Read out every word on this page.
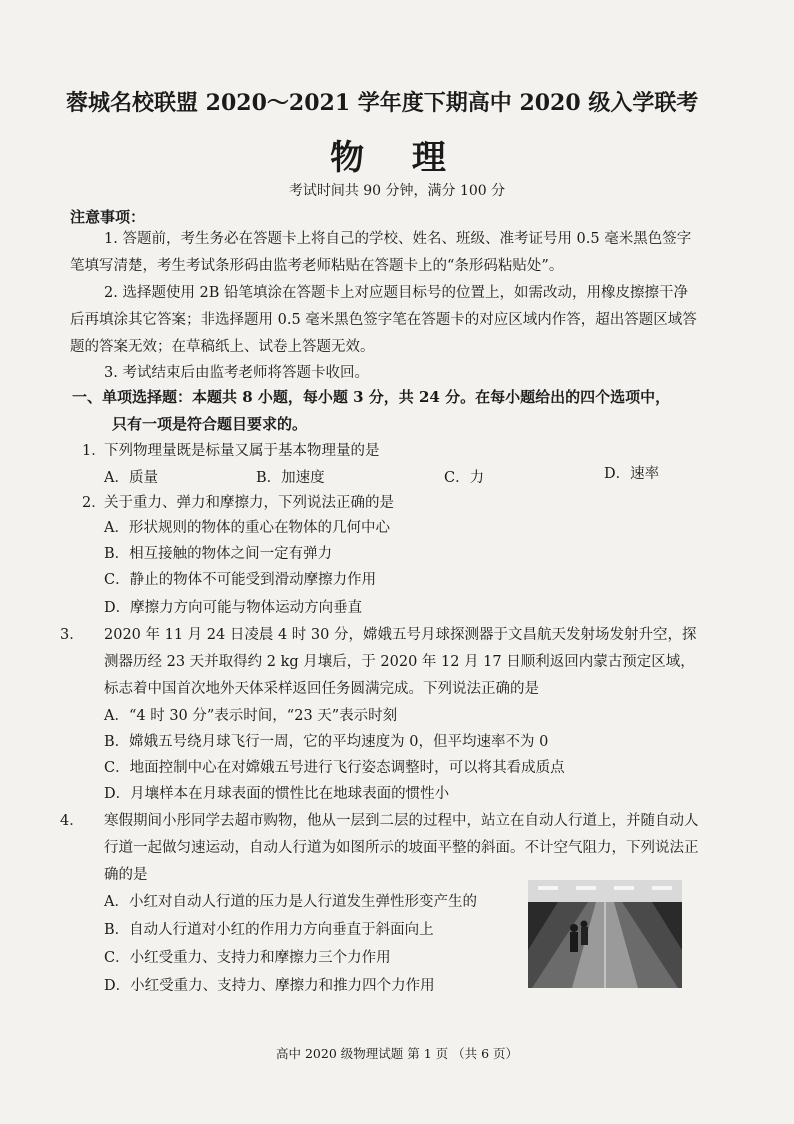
蓉城名校联盟 2020～2021 学年度下期高中 2020 级入学联考
物 理
考试时间共 90 分钟，满分 100 分
注意事项：
1. 答题前，考生务必在答题卡上将自己的学校、姓名、班级、准考证号用 0.5 毫米黑色签字笔填写清楚，考生考试条形码由监考老师粘贴在答题卡上的“条形码粘贴处”。
2. 选择题使用 2B 铅笔填涂在答题卡上对应题目标号的位置上，如需改动，用橡皮擦擦干净后再填涂其它答案；非选择题用 0.5 毫米黑色签字笔在答题卡的对应区域内作答，超出答题区域答题的答案无效；在草稿纸上、试卷上答题无效。
3. 考试结束后由监考老师将答题卡收回。
一、单项选择题：本题共 8 小题，每小题 3 分，共 24 分。在每小题给出的四个选项中，
只有一项是符合题目要求的。
1．下列物理量既是标量又属于基本物理量的是
A．质量	B．加速度	C．力	D．速率
2．关于重力、弹力和摩擦力，下列说法正确的是
A．形状规则的物体的重心在物体的几何中心
B．相互接触的物体之间一定有弹力
C．静止的物体不可能受到滑动摩擦力作用
D．摩擦力方向可能与物体运动方向垂直
3． 2020 年 11 月 24 日凌晨 4 时 30 分，嫦娥五号月球探测器于文昌航天发射场发射升空，探测器历经 23 天并取得约 2 kg 月壤后，于 2020 年 12 月 17 日顺利返回内蒙古预定区域，标志着中国首次地外天体采样返回任务圆满完成。下列说法正确的是
A．“4 时 30 分”表示时间，“23 天”表示时刻
B．嫦娥五号绕月球飞行一周，它的平均速度为 0，但平均速率不为 0
C．地面控制中心在对嫦娥五号进行飞行姿态调整时，可以将其看成质点
D．月壤样本在月球表面的惯性比在地球表面的惯性小
4． 寒假期间小彤同学去超市购物，他从一层到二层的过程中，站立在自动人行道上，并随自动人行道一起做匀速运动，自动人行道为如图所示的坡面平整的斜面。不计空气阻力，下列说法正确的是
A．小红对自动人行道的压力是人行道发生弹性形变产生的
B．自动人行道对小红的作用力方向垂直于斜面向上
C．小红受重力、支持力和摩擦力三个力作用
D．小红受重力、支持力、摩擦力和推力四个力作用
高中 2020 级物理试题 第 1 页 （共 6 页）
